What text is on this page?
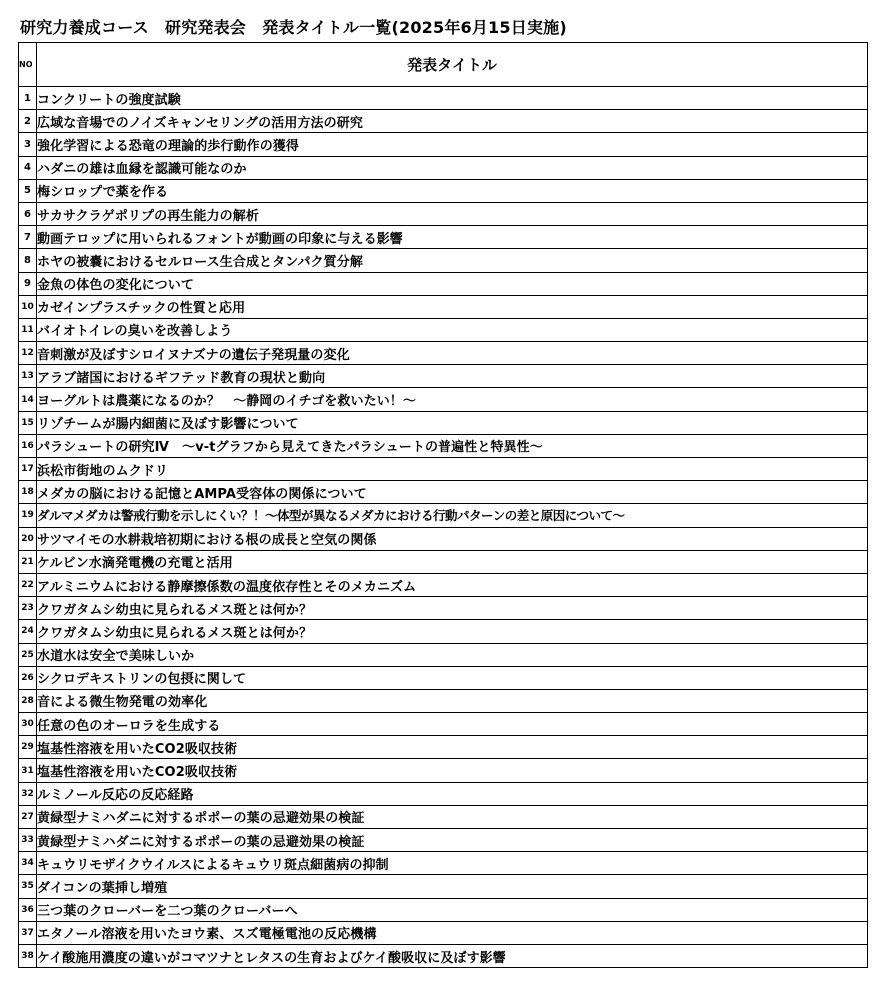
研究力養成コース　研究発表会　発表タイトル一覧(2025年6月15日実施)
NO	発表タイトル
1	コンクリートの強度試験
2	広域な音場でのノイズキャンセリングの活用方法の研究
3	強化学習による恐竜の理論的歩行動作の獲得
4	ハダニの雄は血縁を認識可能なのか
5	梅シロップで薬を作る
6	サカサクラゲポリプの再生能力の解析
7	動画テロップに用いられるフォントが動画の印象に与える影響
8	ホヤの被嚢におけるセルロース生合成とタンパク質分解
9	金魚の体色の変化について
10	カゼインプラスチックの性質と応用
11	バイオトイレの臭いを改善しよう
12	音刺激が及ぼすシロイヌナズナの遺伝子発現量の変化
13	アラブ諸国におけるギフテッド教育の現状と動向
14	ヨーグルトは農薬になるのか？　〜静岡のイチゴを救いたい！〜
15	リゾチームが腸内細菌に及ぼす影響について
16	パラシュートの研究Ⅳ　〜v-tグラフから見えてきたパラシュートの普遍性と特異性〜
17	浜松市街地のムクドリ
18	メダカの脳における記憶とAMPA受容体の関係について
19	ダルマメダカは警戒行動を示しにくい？！〜体型が異なるメダカにおける行動パターンの差と原因について〜
20	サツマイモの水耕栽培初期における根の成長と空気の関係
21	ケルビン水滴発電機の充電と活用
22	アルミニウムにおける静摩擦係数の温度依存性とそのメカニズム
23	クワガタムシ幼虫に見られるメス斑とは何か？
24	クワガタムシ幼虫に見られるメス斑とは何か？
25	水道水は安全で美味しいか
26	シクロデキストリンの包摂に関して
28	音による微生物発電の効率化
30	任意の色のオーロラを生成する
29	塩基性溶液を用いたCO2吸収技術
31	塩基性溶液を用いたCO2吸収技術
32	ルミノール反応の反応経路
27	黄緑型ナミハダニに対するポポーの葉の忌避効果の検証
33	黄緑型ナミハダニに対するポポーの葉の忌避効果の検証
34	キュウリモザイクウイルスによるキュウリ斑点細菌病の抑制
35	ダイコンの葉挿し増殖
36	三つ葉のクローバーを二つ葉のクローバーへ
37	エタノール溶液を用いたヨウ素、スズ電極電池の反応機構
38	ケイ酸施用濃度の違いがコマツナとレタスの生育およびケイ酸吸収に及ぼす影響
